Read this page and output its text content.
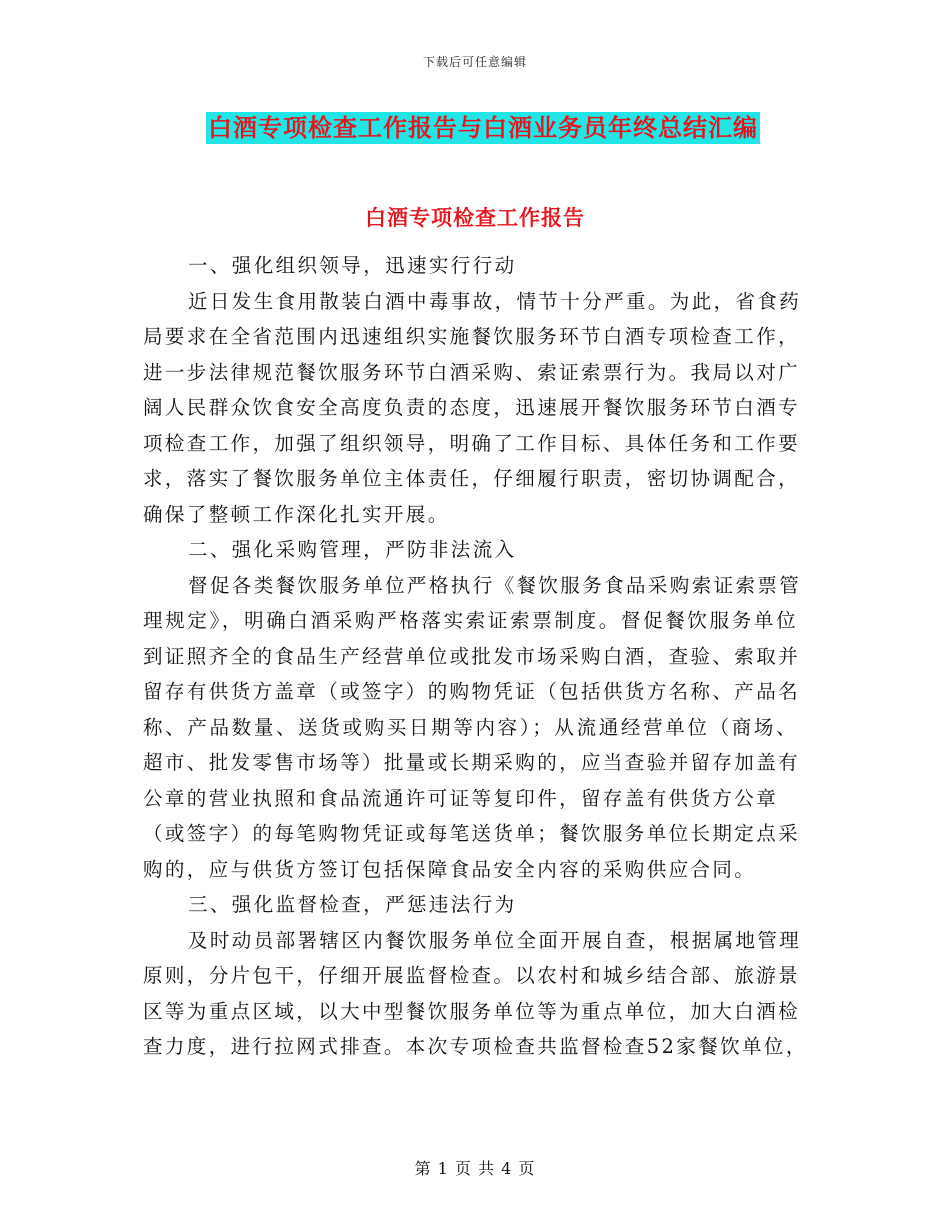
下载后可任意编辑
白酒专项检查工作报告与白酒业务员年终总结汇编
白酒专项检查工作报告
一、强化组织领导，迅速实行行动
近日发生食用散装白酒中毒事故，情节十分严重。为此，省食药
局要求在全省范围内迅速组织实施餐饮服务环节白酒专项检查工作，
进一步法律规范餐饮服务环节白酒采购、索证索票行为。我局以对广
阔人民群众饮食安全高度负责的态度，迅速展开餐饮服务环节白酒专
项检查工作，加强了组织领导，明确了工作目标、具体任务和工作要
求，落实了餐饮服务单位主体责任，仔细履行职责，密切协调配合，
确保了整顿工作深化扎实开展。
二、强化采购管理，严防非法流入
督促各类餐饮服务单位严格执行《餐饮服务食品采购索证索票管
理规定》，明确白酒采购严格落实索证索票制度。督促餐饮服务单位
到证照齐全的食品生产经营单位或批发市场采购白酒，查验、索取并
留存有供货方盖章（或签字）的购物凭证（包括供货方名称、产品名
称、产品数量、送货或购买日期等内容）；从流通经营单位（商场、
超市、批发零售市场等）批量或长期采购的，应当查验并留存加盖有
公章的营业执照和食品流通许可证等复印件，留存盖有供货方公章
（或签字）的每笔购物凭证或每笔送货单；餐饮服务单位长期定点采
购的，应与供货方签订包括保障食品安全内容的采购供应合同。
三、强化监督检查，严惩违法行为
及时动员部署辖区内餐饮服务单位全面开展自查，根据属地管理
原则，分片包干，仔细开展监督检查。以农村和城乡结合部、旅游景
区等为重点区域，以大中型餐饮服务单位等为重点单位，加大白酒检
查力度，进行拉网式排查。本次专项检查共监督检查52家餐饮单位，
第 1 页 共 4 页
